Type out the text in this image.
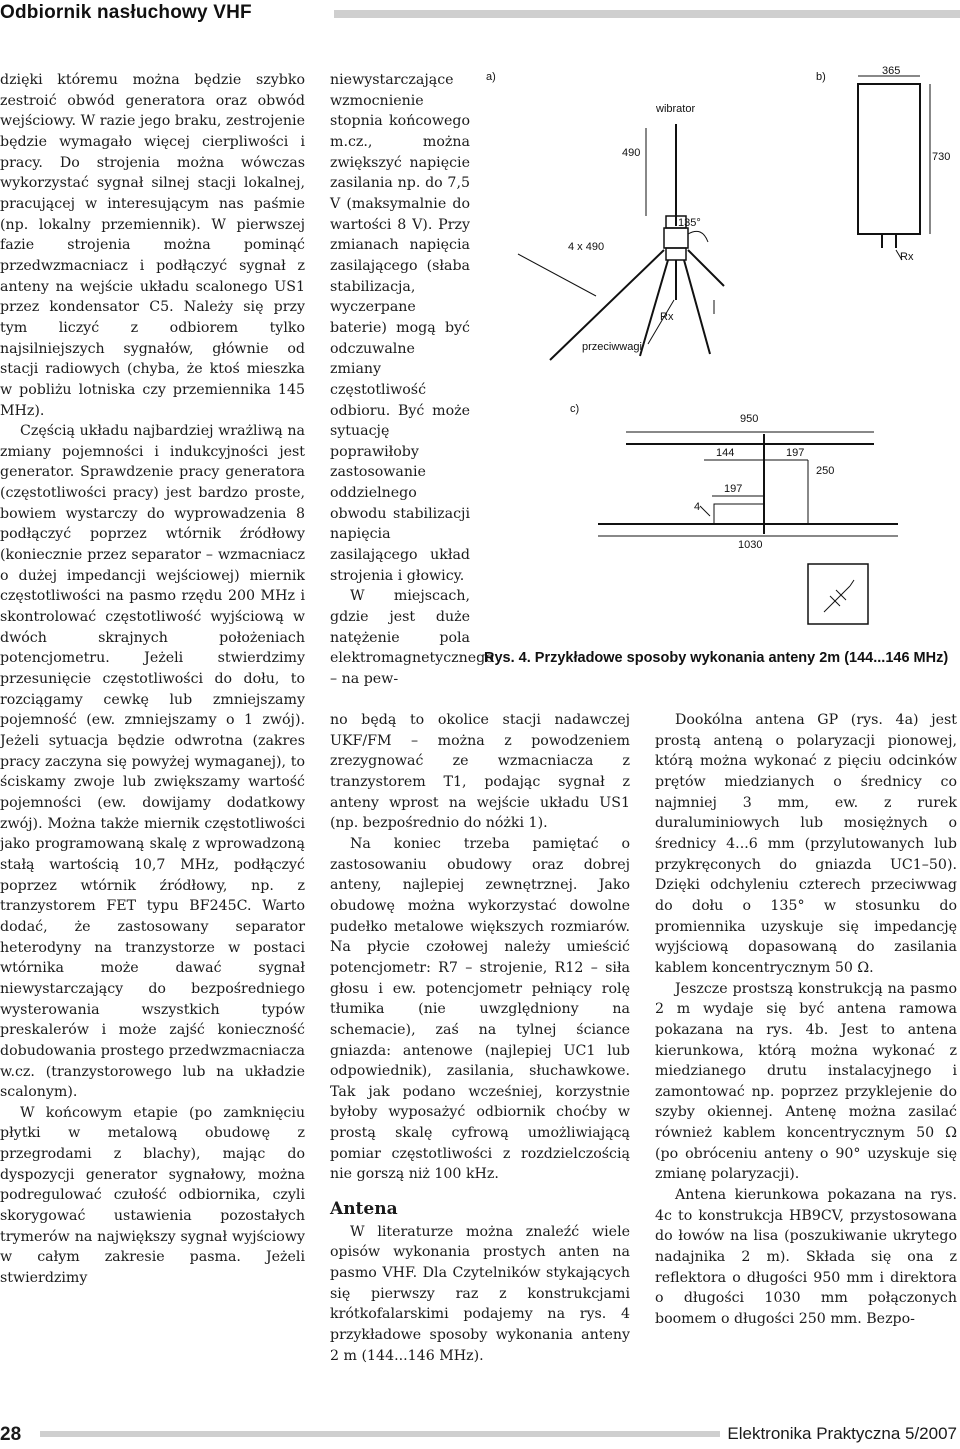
Odbiornik nasłuchowy VHF

dzięki któremu można będzie szybko zestroić obwód generatora oraz obwód wejściowy. W razie jego braku, zestrojenie będzie wymagało więcej cierpliwości i pracy. Do strojenia można wówczas wykorzystać sygnał silnej stacji lokalnej, pracującej w interesującym nas paśmie (np. lokalny przemiennik). W pierwszej fazie strojenia można pominąć przedwzmacniacz i podłączyć sygnał z anteny na wejście układu scalonego US1 przez kondensator C5. Należy się przy tym liczyć z odbiorem tylko najsilniejszych sygnałów, głównie od stacji radiowych (chyba, że ktoś mieszka w pobliżu lotniska czy przemiennika 145 MHz).

Częścią układu najbardziej wrażliwą na zmiany pojemności i indukcyjności jest generator. Sprawdzenie pracy generatora (częstotliwości pracy) jest bardzo proste, bowiem wystarczy do wyprowadzenia 8 podłączyć poprzez wtórnik źródłowy (koniecznie przez separator – wzmacniacz o dużej impedancji wejściowej) miernik częstotliwości na pasmo rzędu 200 MHz i skontrolować częstotliwość wyjściową w dwóch skrajnych położeniach potencjometru. Jeżeli stwierdzimy przesunięcie częstotliwości do dołu, to rozciągamy cewkę lub zmniejszamy pojemność (ew. zmniejszamy o 1 zwój). Jeżeli sytuacja będzie odwrotna (zakres pracy zaczyna się powyżej wymaganej), to ściskamy zwoje lub zwiększamy wartość pojemności (ew. dowijamy dodatkowy zwój). Można także miernik częstotliwości jako programowaną skalę z wprowadzoną stałą wartością 10,7 MHz, podłączyć poprzez wtórnik źródłowy, np. z tranzystorem FET typu BF245C. Warto dodać, że zastosowany separator heterodyny na tranzystorze w postaci wtórnika może dawać sygnał niewystarczający do bezpośredniego wysterowania wszystkich typów preskalerów i może zajść konieczność dobudowania prostego przedwzmacniacza w.cz. (tranzystorowego lub na układzie scalonym).

W końcowym etapie (po zamknięciu płytki w metalową obudowę z przegrodami z blachy), mając do dyspozycji generator sygnałowy, można podregulować czułość odbiornika, czyli skorygować ustawienia pozostałych trymerów na największy sygnał wyjściowy w całym zakresie pasma. Jeżeli stwierdzimy

niewystarczające wzmocnienie stopnia końcowego m.cz., można zwiększyć napięcie zasilania np. do 7,5 V (maksymalnie do wartości 8 V). Przy zmianach napięcia zasilającego (słaba stabilizacja, wyczerpane baterie) mogą być odczuwalne zmiany częstotliwość odbioru. Być może sytuację poprawiłoby zastosowanie oddzielnego obwodu stabilizacji napięcia zasilającego układ strojenia i głowicy.

W miejscach, gdzie jest duże natężenie pola elektromagnetycznego – na pew-

no będą to okolice stacji nadawczej UKF/FM – można z powodzeniem zrezygnować ze wzmacniacza z tranzystorem T1, podając sygnał z anteny wprost na wejście układu US1 (np. bezpośrednio do nóżki 1).

Na koniec trzeba pamiętać o zastosowaniu obudowy oraz dobrej anteny, najlepiej zewnętrznej. Jako obudowę można wykorzystać dowolne pudełko metalowe większych rozmiarów. Na płycie czołowej należy umieścić potencjometr: R7 – strojenie, R12 – siła głosu i ew. potencjometr pełniący rolę tłumika (nie uwzględniony na schemacie), zaś na tylnej ściance gniazda: antenowe (najlepiej UC1 lub odpowiednik), zasilania, słuchawkowe. Tak jak podano wcześniej, korzystnie byłoby wyposażyć odbiornik choćby w prostą skalę cyfrową umożliwiającą pomiar częstotliwości z rozdzielczością nie gorszą niż 100 kHz.

Antena

W literaturze można znaleźć wiele opisów wykonania prostych anten na pasmo VHF. Dla Czytelników stykających się pierwszy raz z konstrukcjami krótkofalarskimi podajemy na rys. 4 przykładowe sposoby wykonania anteny 2 m (144...146 MHz).

Dookólna antena GP (rys. 4a) jest prostą anteną o polaryzacji pionowej, którą można wykonać z pięciu odcinków prętów miedzianych o średnicy co najmniej 3 mm, ew. z rurek duraluminiowych lub mosiężnych o średnicy 4...6 mm (przylutowanych lub przykręconych do gniazda UC1–50). Dzięki odchyleniu czterech przeciwwag do dołu o 135° w stosunku do promiennika uzyskuje się impedancję wyjściową dopasowaną do zasilania kablem koncentrycznym 50 Ω.

Jeszcze prostszą konstrukcją na pasmo 2 m wydaje się być antena ramowa pokazana na rys. 4b. Jest to antena kierunkowa, którą można wykonać z miedzianego drutu instalacyjnego i zamontować np. poprzez przyklejenie do szyby okiennej. Antenę można zasilać również kablem koncentrycznym 50 Ω (po obróceniu anteny o 90° uzyskuje się zmianę polaryzacji).

Antena kierunkowa pokazana na rys. 4c to konstrukcja HB9CV, przystosowana do łowów na lisa (poszukiwanie ukrytego nadajnika 2 m). Składa się ona z reflektora o długości 950 mm i direktora o długości 1030 mm połączonych boomem o długości 250 mm. Bezpo-

a)	b)
c)
wibrator
490
4 x 490
135°
Rx
przeciwwagi
365
730
Rx
950
144	197
197
250
4
1030
Rys. 4. Przykładowe sposoby wykonania anteny 2m (144...146 MHz)
28	Elektronika Praktyczna 5/2007
